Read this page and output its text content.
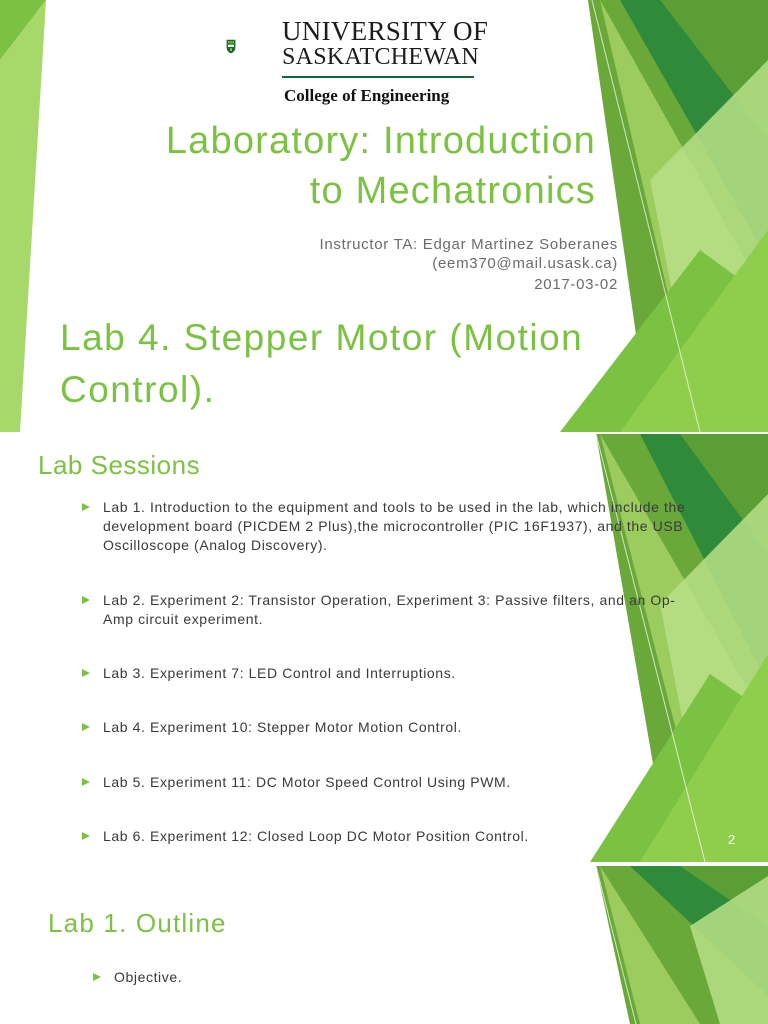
UNIVERSITY OF
SASKATCHEWAN
College of Engineering
Laboratory: Introduction
to Mechatronics
Instructor TA: Edgar Martinez Soberanes
(eem370@mail.usask.ca)
2017-03-02
Lab 4. Stepper Motor (Motion
Control).
Lab Sessions
Lab 1. Introduction to the equipment and tools to be used in the lab, which include the development board (PICDEM 2 Plus),the microcontroller (PIC 16F1937), and the USB Oscilloscope (Analog Discovery).
Lab 2. Experiment 2: Transistor Operation, Experiment 3: Passive filters, and an Op-Amp circuit experiment.
Lab 3. Experiment 7: LED Control and Interruptions.
Lab 4. Experiment 10: Stepper Motor Motion Control.
Lab 5. Experiment 11: DC Motor Speed Control Using PWM.
Lab 6. Experiment 12: Closed Loop DC Motor Position Control.	2
Lab 1. Outline
Objective.
